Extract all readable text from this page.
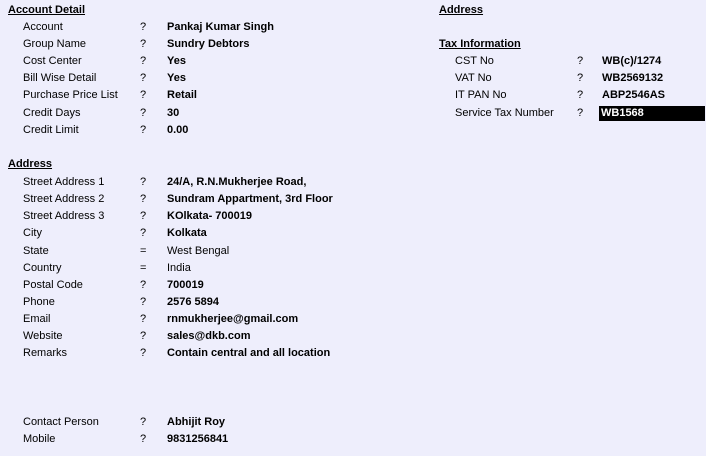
Account Detail
Account	? Pankaj Kumar Singh
Group Name	? Sundry Debtors
Cost Center	? Yes
Bill Wise Detail	? Yes
Purchase Price List ? Retail
Credit Days	? 30
Credit Limit	? 0.00
Address
Street Address 1	? 24/A, R.N.Mukherjee Road,
Street Address 2	? Sundram Appartment, 3rd Floor
Street Address 3	? KOlkata- 700019
City	? Kolkata
State	= West Bengal
Country	= India
Postal Code	? 700019
Phone	? 2576 5894
Email	? rnmukherjee@gmail.com
Website	? sales@dkb.com
Remarks	? Contain central and all location
Contact Person	? Abhijit Roy
Mobile	? 9831256841
Address
Tax Information
CST No	? WB(c)/1274
VAT No	? WB2569132
IT PAN No	? ABP2546AS
Service Tax Number ? WB1568
